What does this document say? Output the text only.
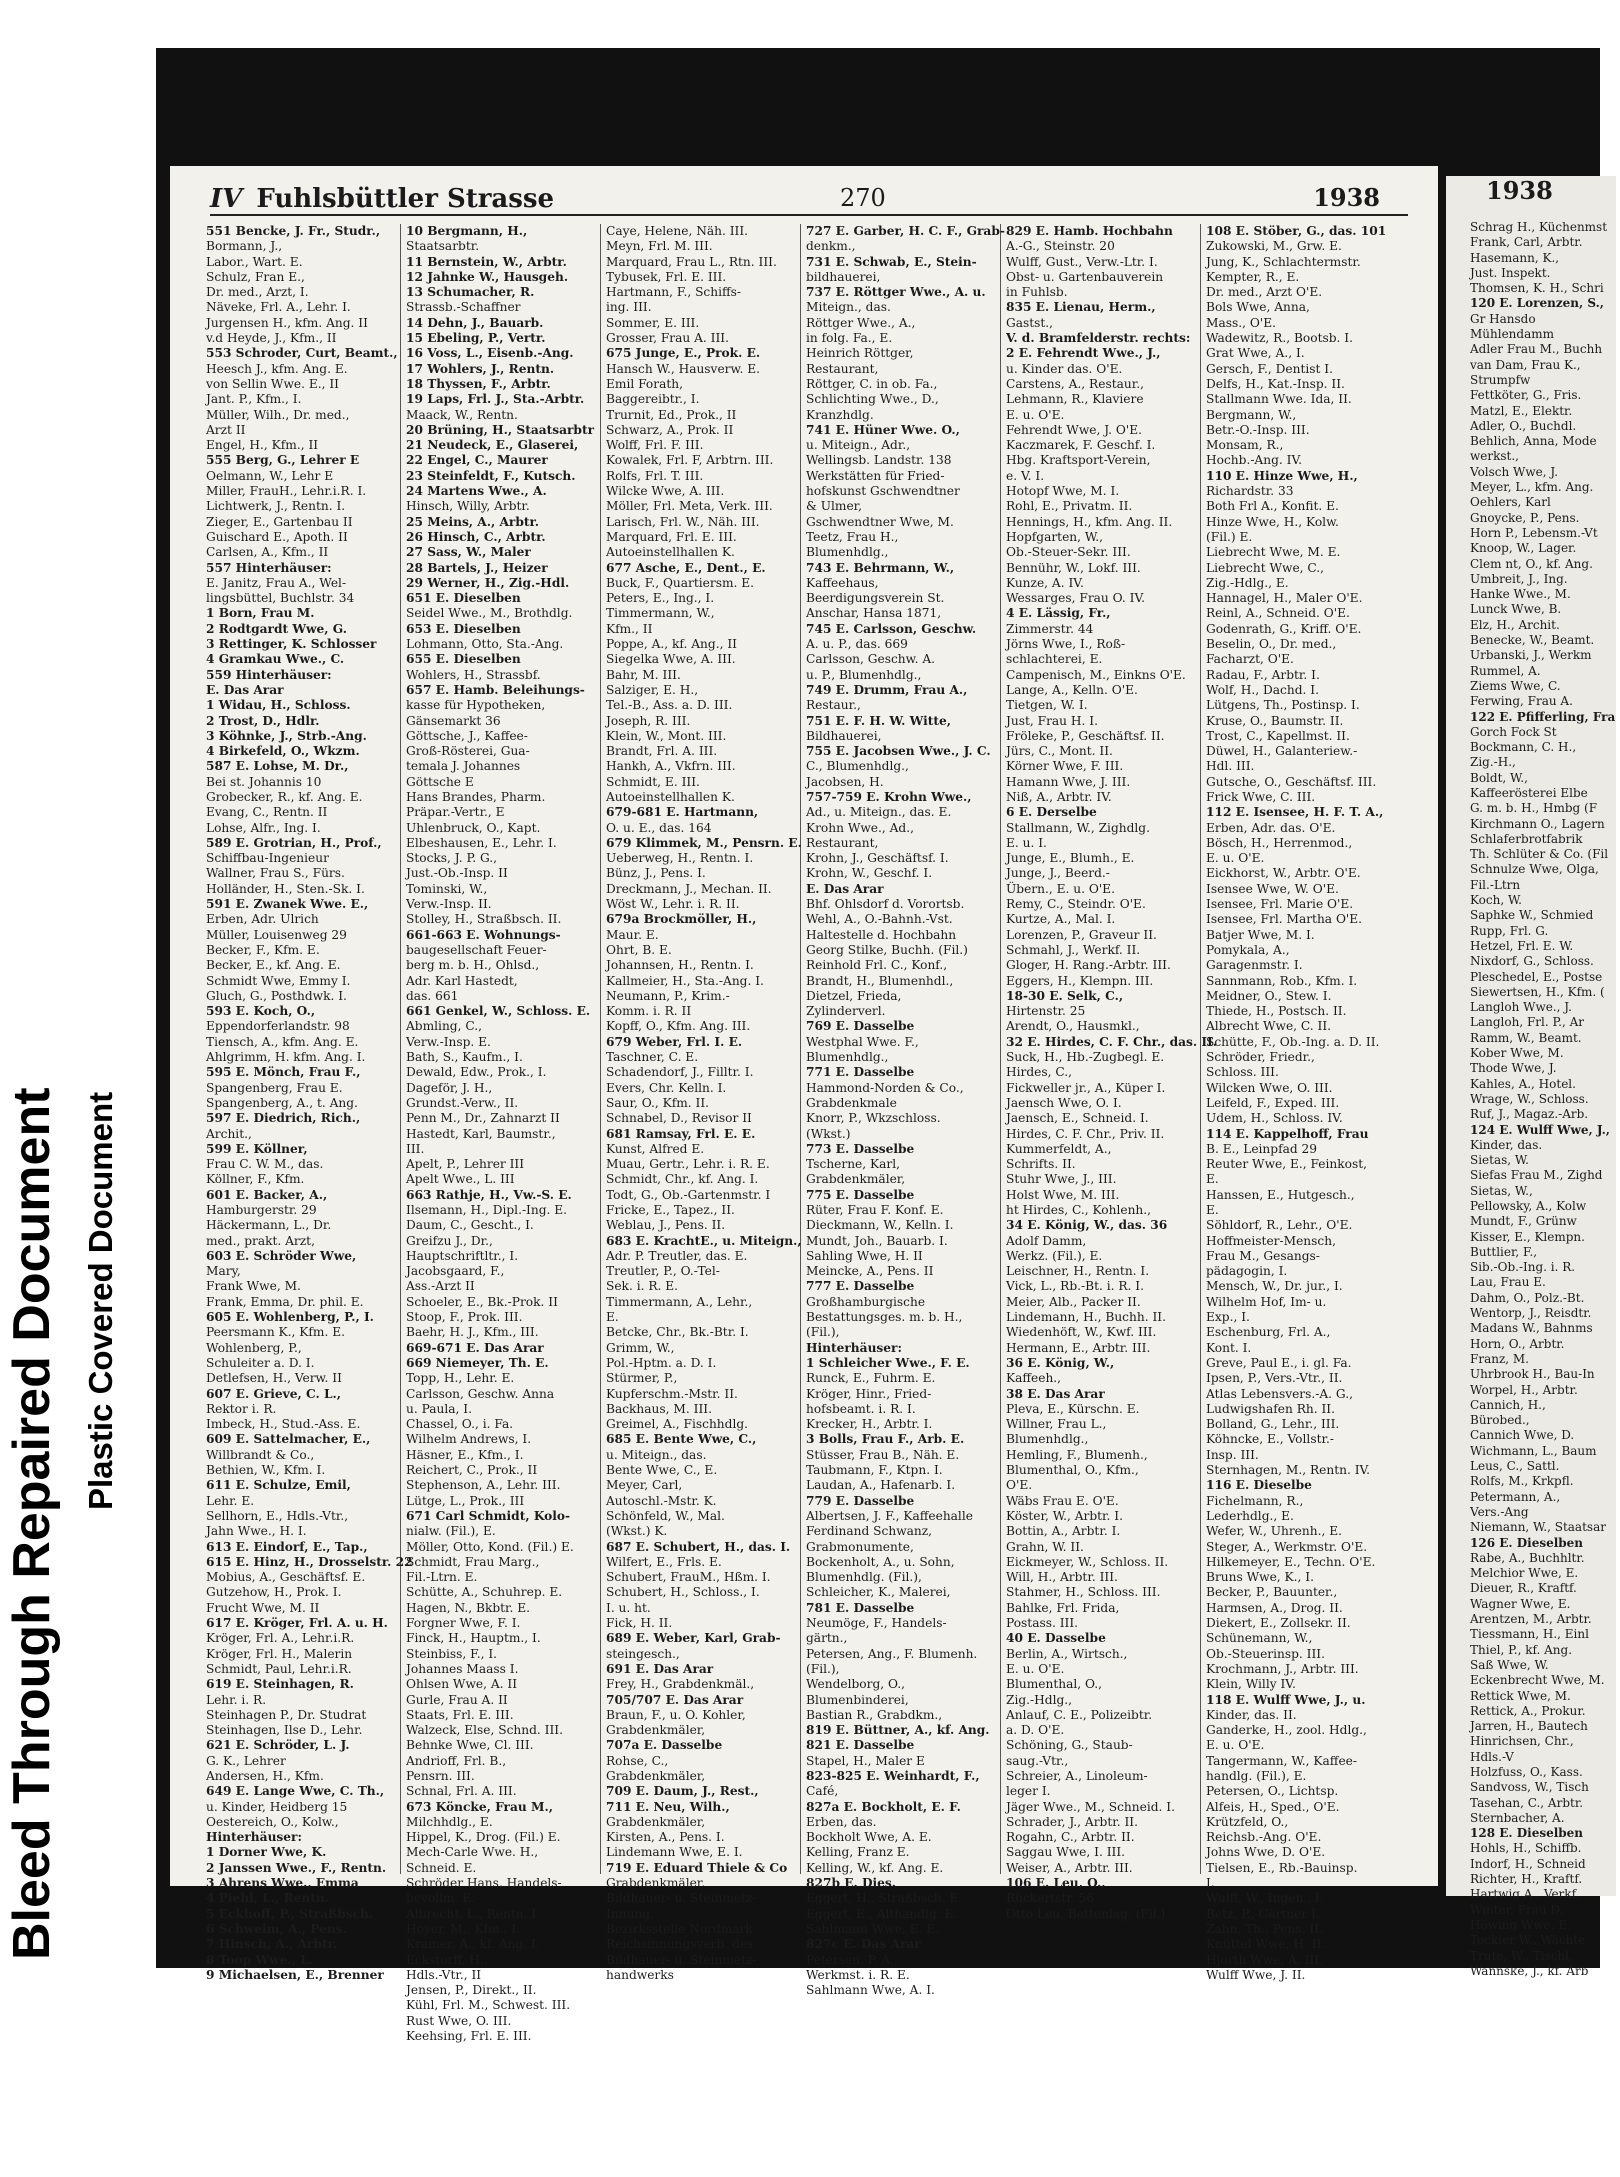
Bleed Through Repaired Document Plastic Covered Document
IV Fuhlsbüttler Strasse	270	1938
551 Bencke, J. Fr., Studr.,
Bormann, J.,
Labor., Wart. E.
Schulz, Fran E.,
Dr. med., Arzt, I.
Näveke, Frl. A., Lehr. I.
Jurgensen H., kfm. Ang. II
v.d Heyde, J., Kfm., II
553 Schroder, Curt, Beamt.,
Heesch J., kfm. Ang. E.
von Sellin Wwe. E., II
Jant. P., Kfm., I.
Müller, Wilh., Dr. med.,
Arzt II
Engel, H., Kfm., II
555 Berg, G., Lehrer E
Oelmann, W., Lehr E
Miller, FrauH., Lehr.i.R. I.
Lichtwerk, J., Rentn. I.
Zieger, E., Gartenbau II
Guischard E., Apoth. II
Carlsen, A., Kfm., II
557 Hinterhäuser:
E. Janitz, Frau A., Wel-
lingsbüttel, Buchlstr. 34
1 Born, Frau M.
2 Rodtgardt Wwe, G.
3 Rettinger, K. Schlosser
4 Gramkau Wwe., C.
559 Hinterhäuser:
E. Das Arar
1 Widau, H., Schloss.
2 Trost, D., Hdlr.
3 Köhnke, J., Strb.-Ang.
4 Birkefeld, O., Wkzm.
587 E. Lohse, M. Dr.,
Bei st. Johannis 10
Grobecker, R., kf. Ang. E.
Evang, C., Rentn. II
Lohse, Alfr., Ing. I.
589 E. Grotrian, H., Prof.,
Schiffbau-Ingenieur
Wallner, Frau S., Fürs.
Holländer, H., Sten.-Sk. I.
591 E. Zwanek Wwe. E.,
Erben, Adr. Ulrich
Müller, Louisenweg 29
Becker, F., Kfm. E.
Becker, E., kf. Ang. E.
Schmidt Wwe, Emmy I.
Gluch, G., Posthdwk. I.
593 E. Koch, O.,
Eppendorferlandstr. 98
Tiensch, A., kfm. Ang. E.
Ahlgrimm, H. kfm. Ang. I.
595 E. Mönch, Frau F.,
Spangenberg, Frau E.
Spangenberg, A., t. Ang.
597 E. Diedrich, Rich.,
Archit.,
599 E. Köllner,
Frau C. W. M., das.
Köllner, F., Kfm.
601 E. Backer, A.,
Hamburgerstr. 29
Häckermann, L., Dr.
med., prakt. Arzt,
603 E. Schröder Wwe,
Mary,
Frank Wwe, M.
Frank, Emma, Dr. phil. E.
605 E. Wohlenberg, P., I.
Peersmann K., Kfm. E.
Wohlenberg, P.,
Schuleiter a. D. I.
Detlefsen, H., Verw. II
607 E. Grieve, C. L.,
Rektor i. R.
Imbeck, H., Stud.-Ass. E.
609 E. Sattelmacher, E.,
Willbrandt & Co.,
Bethien, W., Kfm. I.
611 E. Schulze, Emil,
Lehr. E.
Sellhorn, E., Hdls.-Vtr.,
Jahn Wwe., H. I.
613 E. Eindorf, E., Tap.,
615 E. Hinz, H., Drosselstr. 22
Mobius, A., Geschäftsf. E.
Gutzehow, H., Prok. I.
Frucht Wwe, M. II
617 E. Kröger, Frl. A. u. H.
Kröger, Frl. A., Lehr.i.R.
Kröger, Frl. H., Malerin
Schmidt, Paul, Lehr.i.R.
619 E. Steinhagen, R.
Lehr. i. R.
Steinhagen P., Dr. Studrat
Steinhagen, Ilse D., Lehr.
621 E. Schröder, L. J.
G. K., Lehrer
Andersen, H., Kfm.
649 E. Lange Wwe, C. Th.,
u. Kinder, Heidberg 15
Oestereich, O., Kolw.,
Hinterhäuser:
1 Dorner Wwe, K.
2 Janssen Wwe., F., Rentn.
3 Ahrens Wwe., Emma
4 Piehl, L., Rentn.
5 Eckhoff, P., Straßbsch.
6 Schweim, A., Pens.
7 Hinsch, A., Arbtr.
8 Toop Wwe., L.
9 Michaelsen, E., Brenner
10 Bergmann, H.,
Staatsarbtr.
11 Bernstein, W., Arbtr.
12 Jahnke W., Hausgeh.
13 Schumacher, R.
Strassb.-Schaffner
14 Dehn, J., Bauarb.
15 Ebeling, P., Vertr.
16 Voss, L., Eisenb.-Ang.
17 Wohlers, J., Rentn.
18 Thyssen, F., Arbtr.
19 Laps, Frl. J., Sta.-Arbtr.
Maack, W., Rentn.
20 Brüning, H., Staatsarbtr
21 Neudeck, E., Glaserei,
22 Engel, C., Maurer
23 Steinfeldt, F., Kutsch.
24 Martens Wwe., A.
Hinsch, Willy, Arbtr.
25 Meins, A., Arbtr.
26 Hinsch, C., Arbtr.
27 Sass, W., Maler
28 Bartels, J., Heizer
29 Werner, H., Zig.-Hdl.
651 E. Dieselben
Seidel Wwe., M., Brothdlg.
653 E. Dieselben
Lohmann, Otto, Sta.-Ang.
655 E. Dieselben
Wohlers, H., Strassbf.
657 E. Hamb. Beleihungs-
kasse für Hypotheken,
Gänsemarkt 36
Göttsche, J., Kaffee-
Groß-Rösterei, Gua-
temala J. Johannes
Göttsche E
Hans Brandes, Pharm.
Präpar.-Vertr., E
Uhlenbruck, O., Kapt.
Elbeshausen, E., Lehr. I.
Stocks, J. P. G.,
Just.-Ob.-Insp. II
Tominski, W.,
Verw.-Insp. II.
Stolley, H., Straßbsch. II.
661-663 E. Wohnungs-
baugesellschaft Feuer-
berg m. b. H., Ohlsd.,
Adr. Karl Hastedt,
das. 661
661 Genkel, W., Schloss. E.
Abmling, C.,
Verw.-Insp. E.
Bath, S., Kaufm., I.
Dewald, Edw., Prok., I.
Dageför, J. H.,
Grundst.-Verw., II.
Penn M., Dr., Zahnarzt II
Hastedt, Karl, Baumstr.,
III.
Apelt, P., Lehrer III
Apelt Wwe., L. III
663 Rathje, H., Vw.-S. E.
Ilsemann, H., Dipl.-Ing. E.
Daum, C., Gescht., I.
Greifzu J., Dr.,
Hauptschriftltr., I.
Jacobsgaard, F.,
Ass.-Arzt II
Schoeler, E., Bk.-Prok. II
Stoop, F., Prok. III.
Baehr, H. J., Kfm., III.
669-671 E. Das Arar
669 Niemeyer, Th. E.
Topp, H., Lehr. E.
Carlsson, Geschw. Anna
u. Paula, I.
Chassel, O., i. Fa.
Wilhelm Andrews, I.
Häsner, E., Kfm., I.
Reichert, C., Prok., II
Stephenson, A., Lehr. III.
Lütge, L., Prok., III
671 Carl Schmidt, Kolo-
nialw. (Fil.), E.
Möller, Otto, Kond. (Fil.) E.
Schmidt, Frau Marg.,
Fil.-Ltrn. E.
Schütte, A., Schuhrep. E.
Hagen, N., Bkbtr. E.
Forgner Wwe, F. I.
Finck, H., Hauptm., I.
Steinbiss, F., I.
Johannes Maass I.
Ohlsen Wwe, A. II
Gurle, Frau A. II
Staats, Frl. E. III.
Walzeck, Else, Schnd. III.
Behnke Wwe, Cl. III.
Andrioff, Frl. B.,
Pensrn. III.
Schnal, Frl. A. III.
673 Köncke, Frau M.,
Milchhdlg., E.
Hippel, K., Drog. (Fil.) E.
Mech-Carle Wwe. H.,
Schneid. E.
Schröder Hans, Handels-
bevollm. E.
Albrecht, L., Rentn. I.
Hoyer, M., Kfm., I.
Kramer, A., kf. Ang. I.
Eckstorff, H.,
Hdls.-Vtr., II
Jensen, P., Direkt., II.
Kühl, Frl. M., Schwest. III.
Rust Wwe, O. III.
Keehsing, Frl. E. III.
Caye, Helene, Näh. III.
Meyn, Frl. M. III.
Marquard, Frau L., Rtn. III.
Tybusek, Frl. E. III.
Hartmann, F., Schiffs-
ing. III.
Sommer, E. III.
Grosser, Frau A. III.
675 Junge, E., Prok. E.
Hansch W., Hausverw. E.
Emil Forath,
Baggereibtr., I.
Trurnit, Ed., Prok., II
Schwarz, A., Prok. II
Wolff, Frl. F. III.
Kowalek, Frl. F, Arbtrn. III.
Rolfs, Frl. T. III.
Wilcke Wwe, A. III.
Möller, Frl. Meta, Verk. III.
Larisch, Frl. W., Näh. III.
Marquard, Frl. E. III.
Autoeinstellhallen K.
677 Asche, E., Dent., E.
Buck, F., Quartiersm. E.
Peters, E., Ing., I.
Timmermann, W.,
Kfm., II
Poppe, A., kf. Ang., II
Siegelka Wwe, A. III.
Bahr, M. III.
Salziger, E. H.,
Tel.-B., Ass. a. D. III.
Joseph, R. III.
Klein, W., Mont. III.
Brandt, Frl. A. III.
Hankh, A., Vkfrn. III.
Schmidt, E. III.
Autoeinstellhallen K.
679-681 E. Hartmann,
O. u. E., das. 164
679 Klimmek, M., Pensrn. E.
Ueberweg, H., Rentn. I.
Bünz, J., Pens. I.
Dreckmann, J., Mechan. II.
Wöst W., Lehr. i. R. II.
679a Brockmöller, H.,
Maur. E.
Ohrt, B. E.
Johannsen, H., Rentn. I.
Kallmeier, H., Sta.-Ang. I.
Neumann, P., Krim.-
Komm. i. R. II
Kopff, O., Kfm. Ang. III.
679 Weber, Frl. I. E.
Taschner, C. E.
Schadendorf, J., Filltr. I.
Evers, Chr. Kelln. I.
Saur, O., Kfm. II.
Schnabel, D., Revisor II
681 Ramsay, Frl. E. E.
Kunst, Alfred E.
Muau, Gertr., Lehr. i. R. E.
Schmidt, Chr., kf. Ang. I.
Todt, G., Ob.-Gartenmstr. I
Fricke, E., Tapez., II.
Weblau, J., Pens. II.
683 E. KrachtE., u. Miteign.,
Adr. P. Treutler, das. E.
Treutler, P., O.-Tel-
Sek. i. R. E.
Timmermann, A., Lehr.,
E.
Betcke, Chr., Bk.-Btr. I.
Grimm, W.,
Pol.-Hptm. a. D. I.
Stürmer, P.,
Kupferschm.-Mstr. II.
Backhaus, M. III.
Greimel, A., Fischhdlg.
685 E. Bente Wwe, C.,
u. Miteign., das.
Bente Wwe, C., E.
Meyer, Carl,
Autoschl.-Mstr. K.
Schönfeld, W., Mal.
(Wkst.) K.
687 E. Schubert, H., das. I.
Wilfert, E., Frls. E.
Schubert, FrauM., Hßm. I.
Schubert, H., Schloss., I.
I. u. ht.
Fick, H. II.
689 E. Weber, Karl, Grab-
steingesch.,
691 E. Das Arar
Frey, H., Grabdenkmäl.,
705/707 E. Das Arar
Braun, F., u. O. Kohler,
Grabdenkmäler,
707a E. Dasselbe
Rohse, C.,
Grabdenkmäler,
709 E. Daum, J., Rest.,
711 E. Neu, Wilh.,
Grabdenkmäler,
Kirsten, A., Pens. I.
Lindemann Wwe, E. I.
719 E. Eduard Thiele & Co
Grabdenkmäler,
Bildhauer- u. Steinmetz-
Innung,
Bezirksstelle Nordmark
Reichsinnungsverb. des
Bildhauer- u. Steinmetz-
handwerks
727 E. Garber, H. C. F., Grab-
denkm.,
731 E. Schwab, E., Stein-
bildhauerei,
737 E. Röttger Wwe., A. u.
Miteign., das.
Röttger Wwe., A.,
in folg. Fa., E.
Heinrich Röttger,
Restaurant,
Röttger, C. in ob. Fa.,
Schlichting Wwe., D.,
Kranzhdlg.
741 E. Hüner Wwe. O.,
u. Miteign., Adr.,
Wellingsb. Landstr. 138
Werkstätten für Fried-
hofskunst Gschwendtner
& Ulmer,
Gschwendtner Wwe, M.
Teetz, Frau H.,
Blumenhdlg.,
743 E. Behrmann, W.,
Kaffeehaus,
Beerdigungsverein St.
Anschar, Hansa 1871,
745 E. Carlsson, Geschw.
A. u. P., das. 669
Carlsson, Geschw. A.
u. P., Blumenhdlg.,
749 E. Drumm, Frau A.,
Restaur.,
751 E. F. H. W. Witte,
Bildhauerei,
755 E. Jacobsen Wwe., J. C.
C., Blumenhdlg.,
Jacobsen, H.
757-759 E. Krohn Wwe.,
Ad., u. Miteign., das. E.
Krohn Wwe., Ad.,
Restaurant,
Krohn, J., Geschäftsf. I.
Krohn, W., Geschf. I.
E. Das Arar
Bhf. Ohlsdorf d. Vorortsb.
Wehl, A., O.-Bahnh.-Vst.
Haltestelle d. Hochbahn
Georg Stilke, Buchh. (Fil.)
Reinhold Frl. C., Konf.,
Brandt, H., Blumenhdl.,
Dietzel, Frieda,
Zylinderverl.
769 E. Dasselbe
Westphal Wwe. F.,
Blumenhdlg.,
771 E. Dasselbe
Hammond-Norden & Co.,
Grabdenkmale
Knorr, P., Wkzschloss.
(Wkst.)
773 E. Dasselbe
Tscherne, Karl,
Grabdenkmäler,
775 E. Dasselbe
Rüter, Frau F. Konf. E.
Dieckmann, W., Kelln. I.
Mundt, Joh., Bauarb. I.
Sahling Wwe, H. II
Meincke, A., Pens. II
777 E. Dasselbe
Großhamburgische
Bestattungsges. m. b. H.,
(Fil.),
Hinterhäuser:
1 Schleicher Wwe., F. E.
Runck, E., Fuhrm. E.
Kröger, Hinr., Fried-
hofsbeamt. i. R. I.
Krecker, H., Arbtr. I.
3 Bolls, Frau F., Arb. E.
Stüsser, Frau B., Näh. E.
Taubmann, F., Ktpn. I.
Laudan, A., Hafenarb. I.
779 E. Dasselbe
Albertsen, J. F., Kaffeehalle
Ferdinand Schwanz,
Grabmonumente,
Bockenholt, A., u. Sohn,
Blumenhdlg. (Fil.),
Schleicher, K., Malerei,
781 E. Dasselbe
Neumöge, F., Handels-
gärtn.,
Petersen, Ang., F. Blumenh.
(Fil.),
Wendelborg, O.,
Blumenbinderei,
Bastian R., Grabdkm.,
819 E. Büttner, A., kf. Ang.
821 E. Dasselbe
Stapel, H., Maler E
823-825 E. Weinhardt, F.,
Café,
827a E. Bockholt, E. F.
Erben, das.
Bockholt Wwe, A. E.
Kelling, Franz E.
Kelling, W., kf. Ang. E.
827b E. Dies.
Eggert, H., Straßbsch. E.
Eggert, E., Althandlg. E.
Sahlmann Wwe, E. E.
827c E. Das Arar
Petersen, P. A.,
Werkmst. i. R. E.
Sahlmann Wwe, A. I.
829 E. Hamb. Hochbahn
A.-G., Steinstr. 20
Wulff, Gust., Verw.-Ltr. I.
Obst- u. Gartenbauverein
in Fuhlsb.
835 E. Lienau, Herm.,
Gastst.,
V. d. Bramfelderstr. rechts:
2 E. Fehrendt Wwe., J.,
u. Kinder das. O'E.
Carstens, A., Restaur.,
Lehmann, R., Klaviere
E. u. O'E.
Fehrendt Wwe, J. O'E.
Kaczmarek, F. Geschf. I.
Hbg. Kraftsport-Verein,
e. V. I.
Hotopf Wwe, M. I.
Rohl, E., Privatm. II.
Hennings, H., kfm. Ang. II.
Hopfgarten, W.,
Ob.-Steuer-Sekr. III.
Bennühr, W., Lokf. III.
Kunze, A. IV.
Wessarges, Frau O. IV.
4 E. Lässig, Fr.,
Zimmerstr. 44
Jörns Wwe, I., Roß-
schlachterei, E.
Campenisch, M., Einkns O'E.
Lange, A., Kelln. O'E.
Tietgen, W. I.
Just, Frau H. I.
Fröleke, P., Geschäftsf. II.
Jürs, C., Mont. II.
Körner Wwe, F. III.
Hamann Wwe, J. III.
Niß, A., Arbtr. IV.
6 E. Derselbe
Stallmann, W., Zighdlg.
E. u. I.
Junge, E., Blumh., E.
Junge, J., Beerd.-
Übern., E. u. O'E.
Remy, C., Steindr. O'E.
Kurtze, A., Mal. I.
Lorenzen, P., Graveur II.
Schmahl, J., Werkf. II.
Gloger, H. Rang.-Arbtr. III.
Eggers, H., Klempn. III.
18-30 E. Selk, C.,
Hirtenstr. 25
Arendt, O., Hausmkl.,
32 E. Hirdes, C. F. Chr., das. II.
Suck, H., Hb.-Zugbegl. E.
Hirdes, C.,
Fickweller jr., A., Küper I.
Jaensch Wwe, O. I.
Jaensch, E., Schneid. I.
Hirdes, C. F. Chr., Priv. II.
Kummerfeldt, A.,
Schrifts. II.
Stuhr Wwe, J., III.
Holst Wwe, M. III.
ht Hirdes, C., Kohlenh.,
34 E. König, W., das. 36
Adolf Damm,
Werkz. (Fil.), E.
Leischner, H., Rentn. I.
Vick, L., Rb.-Bt. i. R. I.
Meier, Alb., Packer II.
Lindemann, H., Buchh. II.
Wiedenhöft, W., Kwf. III.
Hermann, E., Arbtr. III.
36 E. König, W.,
Kaffeeh.,
38 E. Das Arar
Pleva, E., Kürschn. E.
Willner, Frau L.,
Blumenhdlg.,
Hemling, F., Blumenh.,
Blumenthal, O., Kfm.,
O'E.
Wäbs Frau E. O'E.
Köster, W., Arbtr. I.
Bottin, A., Arbtr. I.
Grahn, W. II.
Eickmeyer, W., Schloss. II.
Will, H., Arbtr. III.
Stahmer, H., Schloss. III.
Bahlke, Frl. Frida,
Postass. III.
40 E. Dasselbe
Berlin, A., Wirtsch.,
E. u. O'E.
Blumenthal, O.,
Zig.-Hdlg.,
Anlauf, C. E., Polizeibtr.
a. D. O'E.
Schöning, G., Staub-
saug.-Vtr.,
Schreier, A., Linoleum-
leger I.
Jäger Wwe., M., Schneid. I.
Schrader, J., Arbtr. II.
Rogahn, C., Arbtr. II.
Saggau Wwe, I. III.
Weiser, A., Arbtr. III.
106 E. Leu, O.,
Rückertstr. 56
Otto Leu, Bettenlag. (Fil.)
108 E. Stöber, G., das. 101
Zukowski, M., Grw. E.
Jung, K., Schlachtermstr.
Kempter, R., E.
Dr. med., Arzt O'E.
Bols Wwe, Anna,
Mass., O'E.
Wadewitz, R., Bootsb. I.
Grat Wwe, A., I.
Gersch, F., Dentist I.
Delfs, H., Kat.-Insp. II.
Stallmann Wwe. Ida, II.
Bergmann, W.,
Betr.-O.-Insp. III.
Monsam, R.,
Hochb.-Ang. IV.
110 E. Hinze Wwe, H.,
Richardstr. 33
Both Frl A., Konfit. E.
Hinze Wwe, H., Kolw.
(Fil.) E.
Liebrecht Wwe, M. E.
Liebrecht Wwe, C.,
Zig.-Hdlg., E.
Hannagel, H., Maler O'E.
Reinl, A., Schneid. O'E.
Godenrath, G., Kriff. O'E.
Beselin, O., Dr. med.,
Facharzt, O'E.
Radau, F., Arbtr. I.
Wolf, H., Dachd. I.
Lütgens, Th., Postinsp. I.
Kruse, O., Baumstr. II.
Trost, C., Kapellmst. II.
Düwel, H., Galanteriew.-
Hdl. III.
Gutsche, O., Geschäftsf. III.
Frick Wwe, C. III.
112 E. Isensee, H. F. T. A.,
Erben, Adr. das. O'E.
Bösch, H., Herrenmod.,
E. u. O'E.
Eickhorst, W., Arbtr. O'E.
Isensee Wwe, W. O'E.
Isensee, Frl. Marie O'E.
Isensee, Frl. Martha O'E.
Batjer Wwe, M. I.
Pomykala, A.,
Garagenmstr. I.
Sannmann, Rob., Kfm. I.
Meidner, O., Stew. I.
Thiede, H., Postsch. II.
Albrecht Wwe, C. II.
Schütte, F., Ob.-Ing. a. D. II.
Schröder, Friedr.,
Schloss. III.
Wilcken Wwe, O. III.
Leifeld, F., Exped. III.
Udem, H., Schloss. IV.
114 E. Kappelhoff, Frau
B. E., Leinpfad 29
Reuter Wwe, E., Feinkost,
E.
Hanssen, E., Hutgesch.,
E.
Söhldorf, R., Lehr., O'E.
Hoffmeister-Mensch,
Frau M., Gesangs-
pädagogin, I.
Mensch, W., Dr. jur., I.
Wilhelm Hof, Im- u.
Exp., I.
Eschenburg, Frl. A.,
Kont. I.
Greve, Paul E., i. gl. Fa.
Ipsen, P., Vers.-Vtr., II.
Atlas Lebensvers.-A. G.,
Ludwigshafen Rh. II.
Bolland, G., Lehr., III.
Köhncke, E., Vollstr.-
Insp. III.
Sternhagen, M., Rentn. IV.
116 E. Dieselbe
Fichelmann, R.,
Lederhdlg., E.
Wefer, W., Uhrenh., E.
Steger, A., Werkmstr. O'E.
Hilkemeyer, E., Techn. O'E.
Bruns Wwe, K., I.
Becker, P., Bauunter.,
Harmsen, A., Drog. II.
Diekert, E., Zollsekr. II.
Schünemann, W.,
Ob.-Steuerinsp. III.
Krochmann, J., Arbtr. III.
Klein, Willy IV.
118 E. Wulff Wwe, J., u.
Kinder, das. II.
Ganderke, H., zool. Hdlg.,
E. u. O'E.
Tangermann, W., Kaffee-
handlg. (Fil.), E.
Petersen, O., Lichtsp.
Alfeis, H., Sped., O'E.
Krützfeld, O.,
Reichsb.-Ang. O'E.
Johns Wwe, D. O'E.
Tielsen, E., Rb.-Bauinsp.
I.
Wulff, W., Ingen., I.
Betz, P., Gärtner I.
Zahn, Th., Pens. II.
Knüttel Wwe, H. II.
Hjorth Wwe, A. III.
Wulff Wwe, J. II.
1938
Schrag H., Küchenmst
Frank, Carl, Arbtr.
Hasemann, K.,
Just. Inspekt.
Thomsen, K. H., Schri
120 E. Lorenzen, S.,
Gr Hansdo
Mühlendamm
Adler Frau M., Buchh
van Dam, Frau K.,
Strumpfw
Fettköter, G., Fris.
Matzl, E., Elektr.
Adler, O., Buchdl.
Behlich, Anna, Mode
werkst.,
Volsch Wwe, J.
Meyer, L., kfm. Ang.
Oehlers, Karl
Gnoycke, P., Pens.
Horn P., Lebensm.-Vt
Knoop, W., Lager.
Clem nt, O., kf. Ang.
Umbreit, J., Ing.
Hanke Wwe., M.
Lunck Wwe, B.
Elz, H., Archit.
Benecke, W., Beamt.
Urbanski, J., Werkm
Rummel, A.
Ziems Wwe, C.
Ferwing, Frau A.
122 E. Pfifferling, Fra
Gorch Fock St
Bockmann, C. H.,
Zig.-H.,
Boldt, W.,
Kaffeerösterei Elbe
G. m. b. H., Hmbg (F
Kirchmann O., Lagern
Schlaferbrotfabrik
Th. Schlüter & Co. (Fil
Schnulze Wwe, Olga,
Fil.-Ltrn
Koch, W.
Saphke W., Schmied
Rupp, Frl. G.
Hetzel, Frl. E. W.
Nixdorf, G., Schloss.
Pleschedel, E., Postse
Siewertsen, H., Kfm. (
Langloh Wwe., J.
Langloh, Frl. P., Ar
Ramm, W., Beamt.
Kober Wwe, M.
Thode Wwe, J.
Kahles, A., Hotel.
Wrage, W., Schloss.
Ruf, J., Magaz.-Arb.
124 E. Wulff Wwe, J.,
Kinder, das.
Sietas, W.
Siefas Frau M., Zighd
Sietas, W.,
Pellowsky, A., Kolw
Mundt, F., Grünw
Kisser, E., Klempn.
Buttlier, F.,
Sib.-Ob.-Ing. i. R.
Lau, Frau E.
Dahm, O., Polz.-Bt.
Wentorp, J., Reisdtr.
Madans W., Bahnms
Horn, O., Arbtr.
Franz, M.
Uhrbrook H., Bau-In
Worpel, H., Arbtr.
Cannich, H.,
Bürobed.,
Cannich Wwe, D.
Wichmann, L., Baum
Leus, C., Sattl.
Rolfs, M., Krkpfl.
Petermann, A.,
Vers.-Ang
Niemann, W., Staatsar
126 E. Dieselben
Rabe, A., Buchhltr.
Melchior Wwe, E.
Dieuer, R., Kraftf.
Wagner Wwe, E.
Arentzen, M., Arbtr.
Tiessmann, H., Einl
Thiel, P., kf. Ang.
Saß Wwe, W.
Eckenbrecht Wwe, M.
Rettick Wwe, M.
Rettick, A., Prokur.
Jarren, H., Bautech
Hinrichsen, Chr.,
Hdls.-V
Holzfuss, O., Kass.
Sandvoss, W., Tisch
Tasehan, C., Arbtr.
Sternbacher, A.
128 E. Dieselben
Hohls, H., Schiffb.
Indorf, H., Schneid
Richter, H., Kraftf.
Hartwig A., Verkf.
Winter, Frau D.
Höwing Wwe, E.
Tockier W., Wächte
Trute, W., Tischl.
Wannske, J., kf. Arb
